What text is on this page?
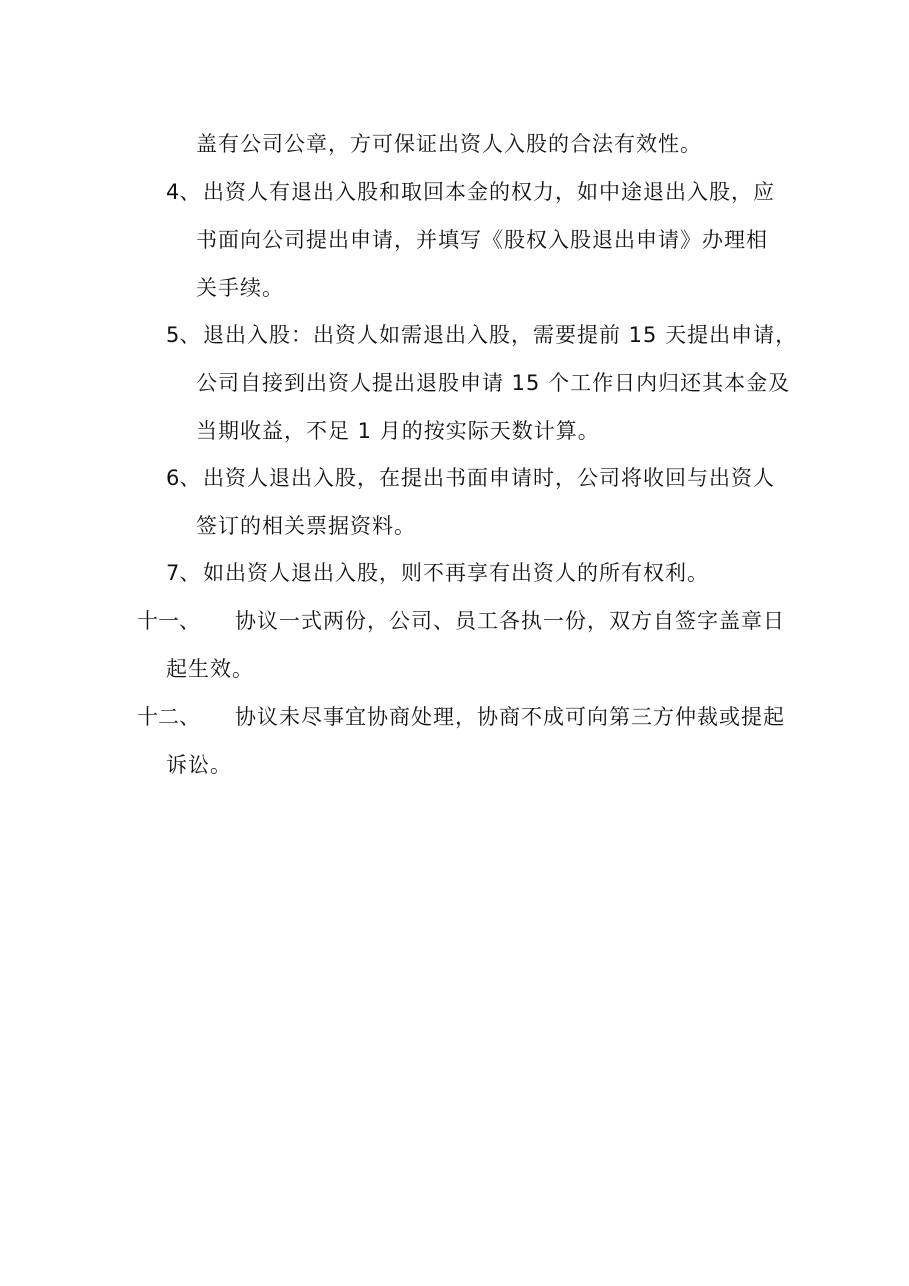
盖有公司公章，方可保证出资人入股的合法有效性。
4、 出资人有退出入股和取回本金的权力，如中途退出入股，应
书面向公司提出申请，并填写《股权入股退出申请》办理相
关手续。
5、 退出入股：出资人如需退出入股，需要提前 15 天提出申请，
公司自接到出资人提出退股申请 15 个工作日内归还其本金及
当期收益，不足 1 月的按实际天数计算。
6、 出资人退出入股，在提出书面申请时，公司将收回与出资人
签订的相关票据资料。
7、 如出资人退出入股，则不再享有出资人的所有权利。
十一、 协议一式两份，公司、员工各执一份，双方自签字盖章日
起生效。
十二、 协议未尽事宜协商处理，协商不成可向第三方仲裁或提起
诉讼。
